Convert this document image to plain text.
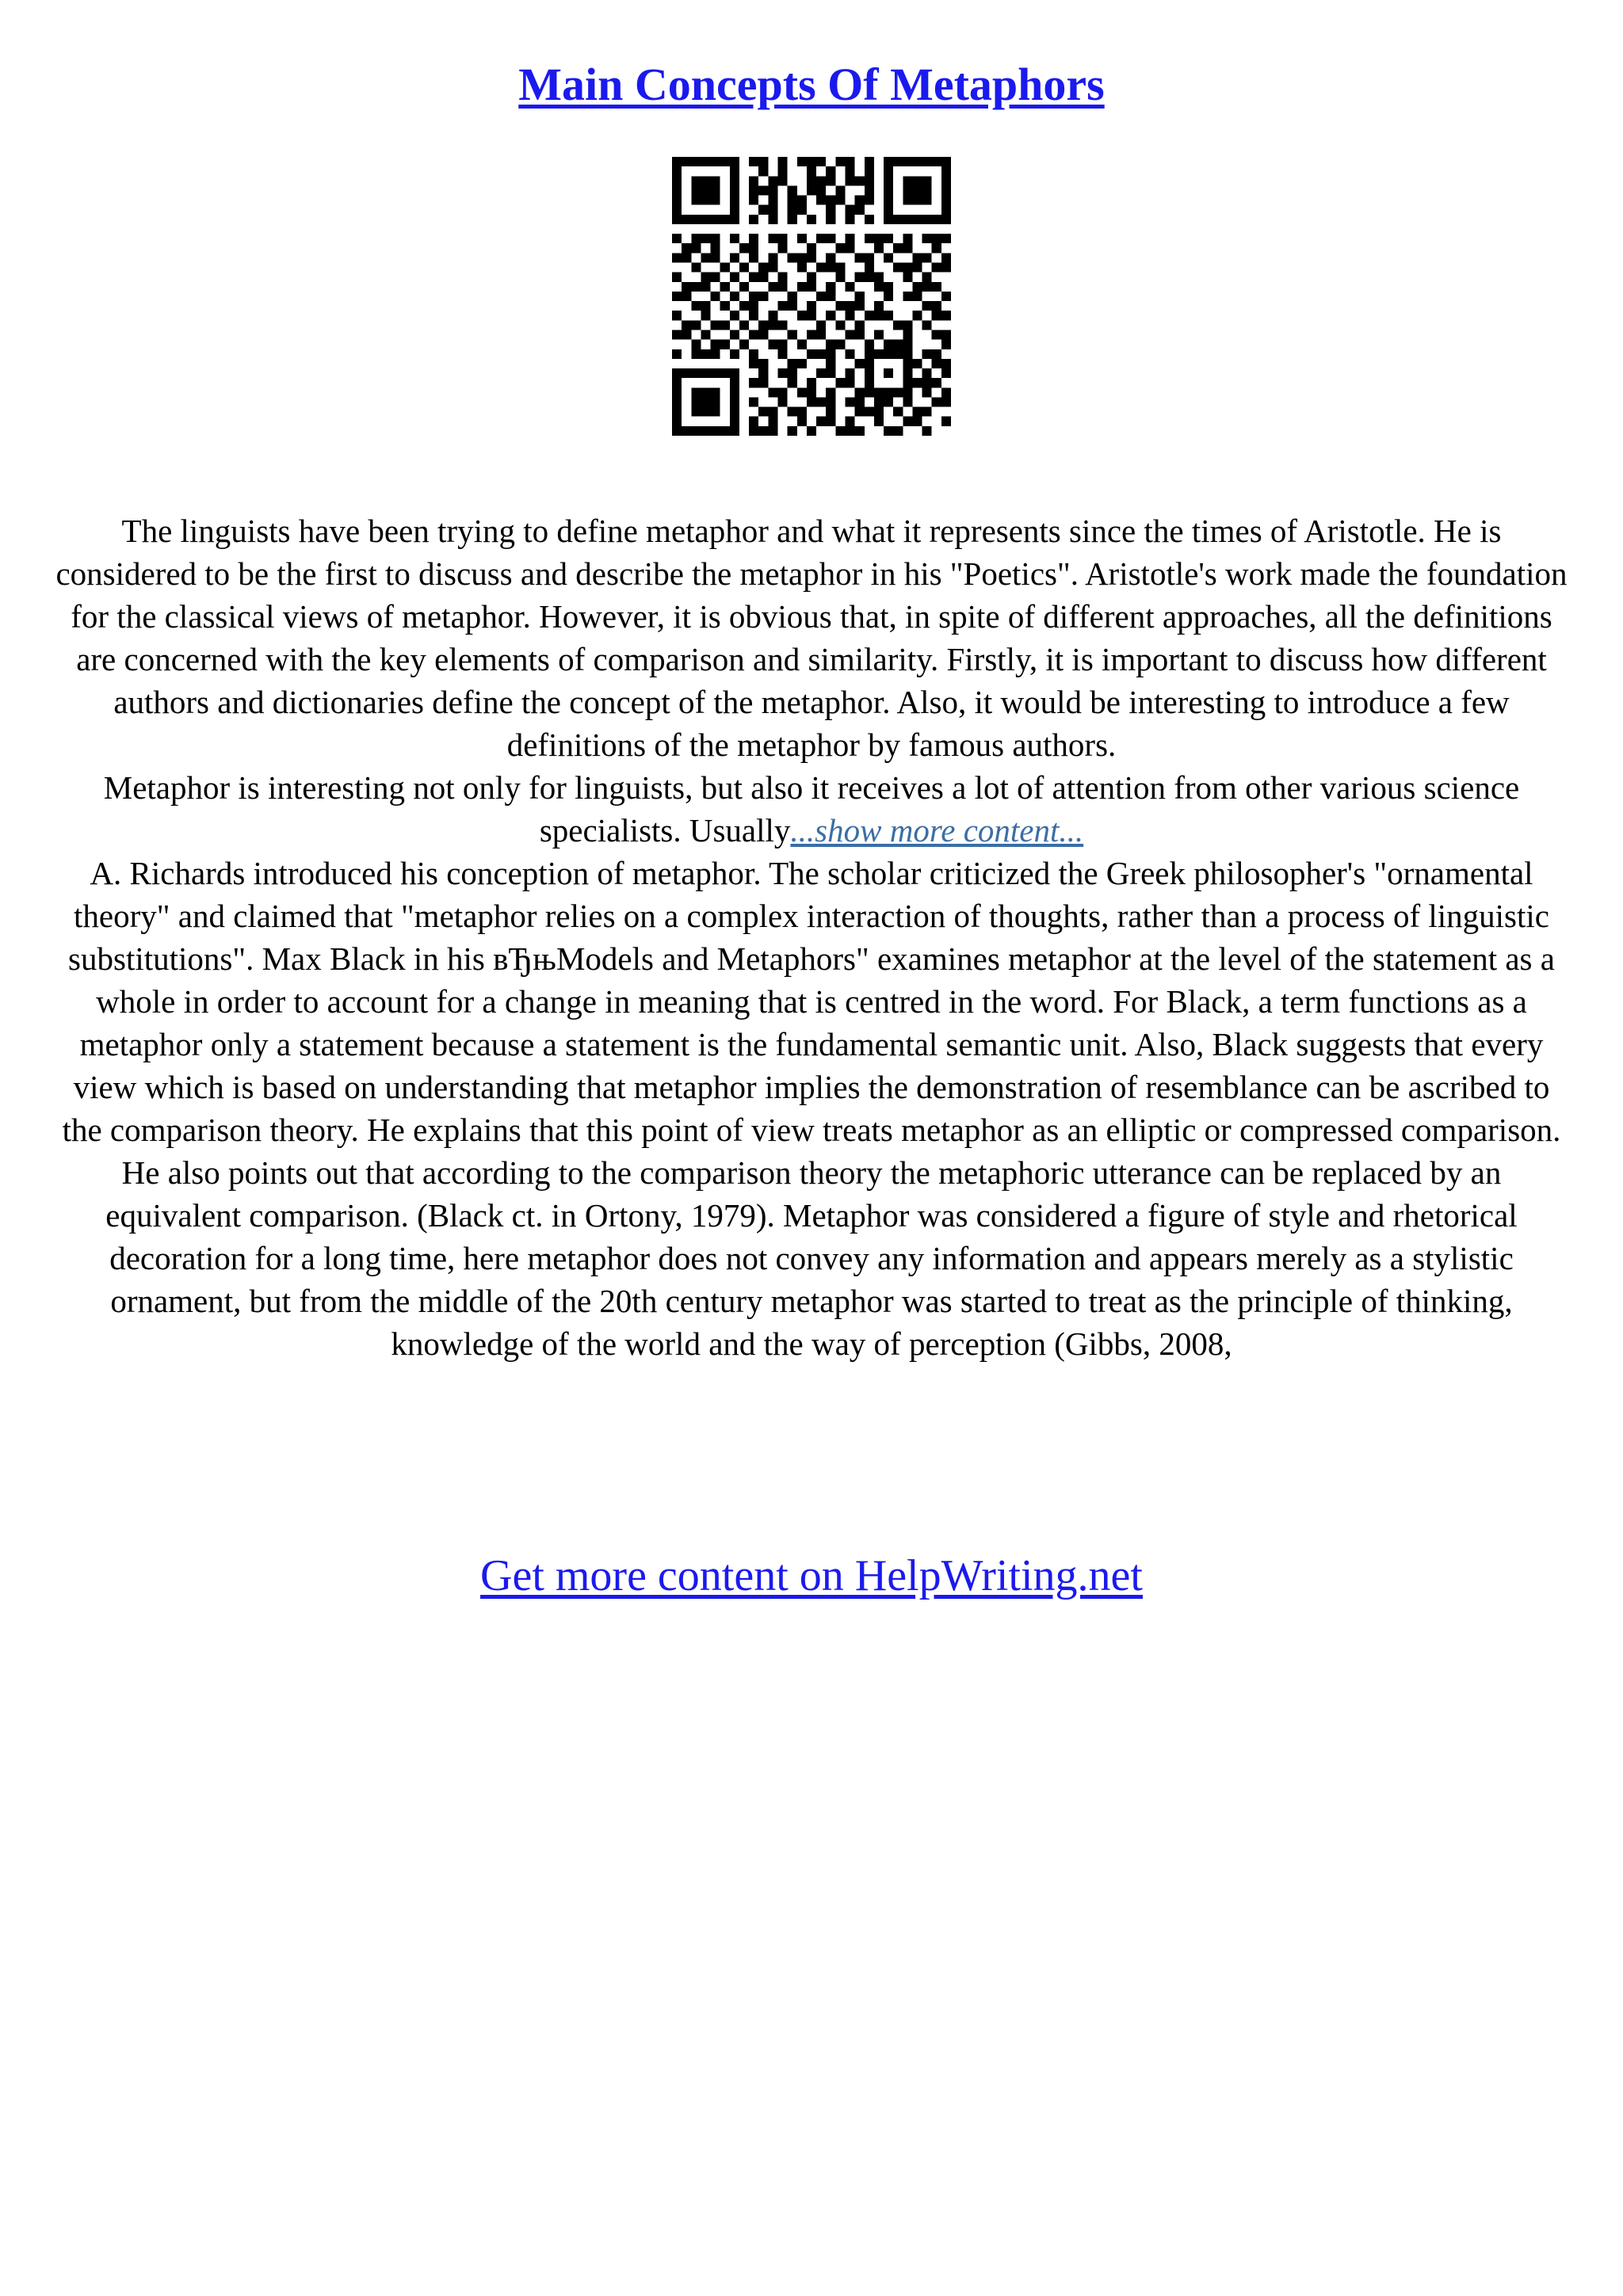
Main Concepts Of Metaphors

The linguists have been trying to define metaphor and what it represents since the times of Aristotle. He is considered to be the first to discuss and describe the metaphor in his "Poetics". Aristotle's work made the foundation for the classical views of metaphor. However, it is obvious that, in spite of different approaches, all the definitions are concerned with the key elements of comparison and similarity. Firstly, it is important to discuss how different authors and dictionaries define the concept of the metaphor. Also, it would be interesting to introduce a few definitions of the metaphor by famous authors.

Metaphor is interesting not only for linguists, but also it receives a lot of attention from other various science specialists. Usually...show more content...

A. Richards introduced his conception of metaphor. The scholar criticized the Greek philosopher's "ornamental theory" and claimed that "metaphor relies on a complex interaction of thoughts, rather than a process of linguistic substitutions". Max Black in his вЂњModels and Metaphors" examines metaphor at the level of the statement as a whole in order to account for a change in meaning that is centred in the word. For Black, a term functions as a metaphor only a statement because a statement is the fundamental semantic unit. Also, Black suggests that every view which is based on understanding that metaphor implies the demonstration of resemblance can be ascribed to the comparison theory. He explains that this point of view treats metaphor as an elliptic or compressed comparison. He also points out that according to the comparison theory the metaphoric utterance can be replaced by an equivalent comparison. (Black ct. in Ortony, 1979). Metaphor was considered a figure of style and rhetorical decoration for a long time, here metaphor does not convey any information and appears merely as a stylistic ornament, but from the middle of the 20th century metaphor was started to treat as the principle of thinking, knowledge of the world and the way of perception (Gibbs, 2008,

Get more content on HelpWriting.net
